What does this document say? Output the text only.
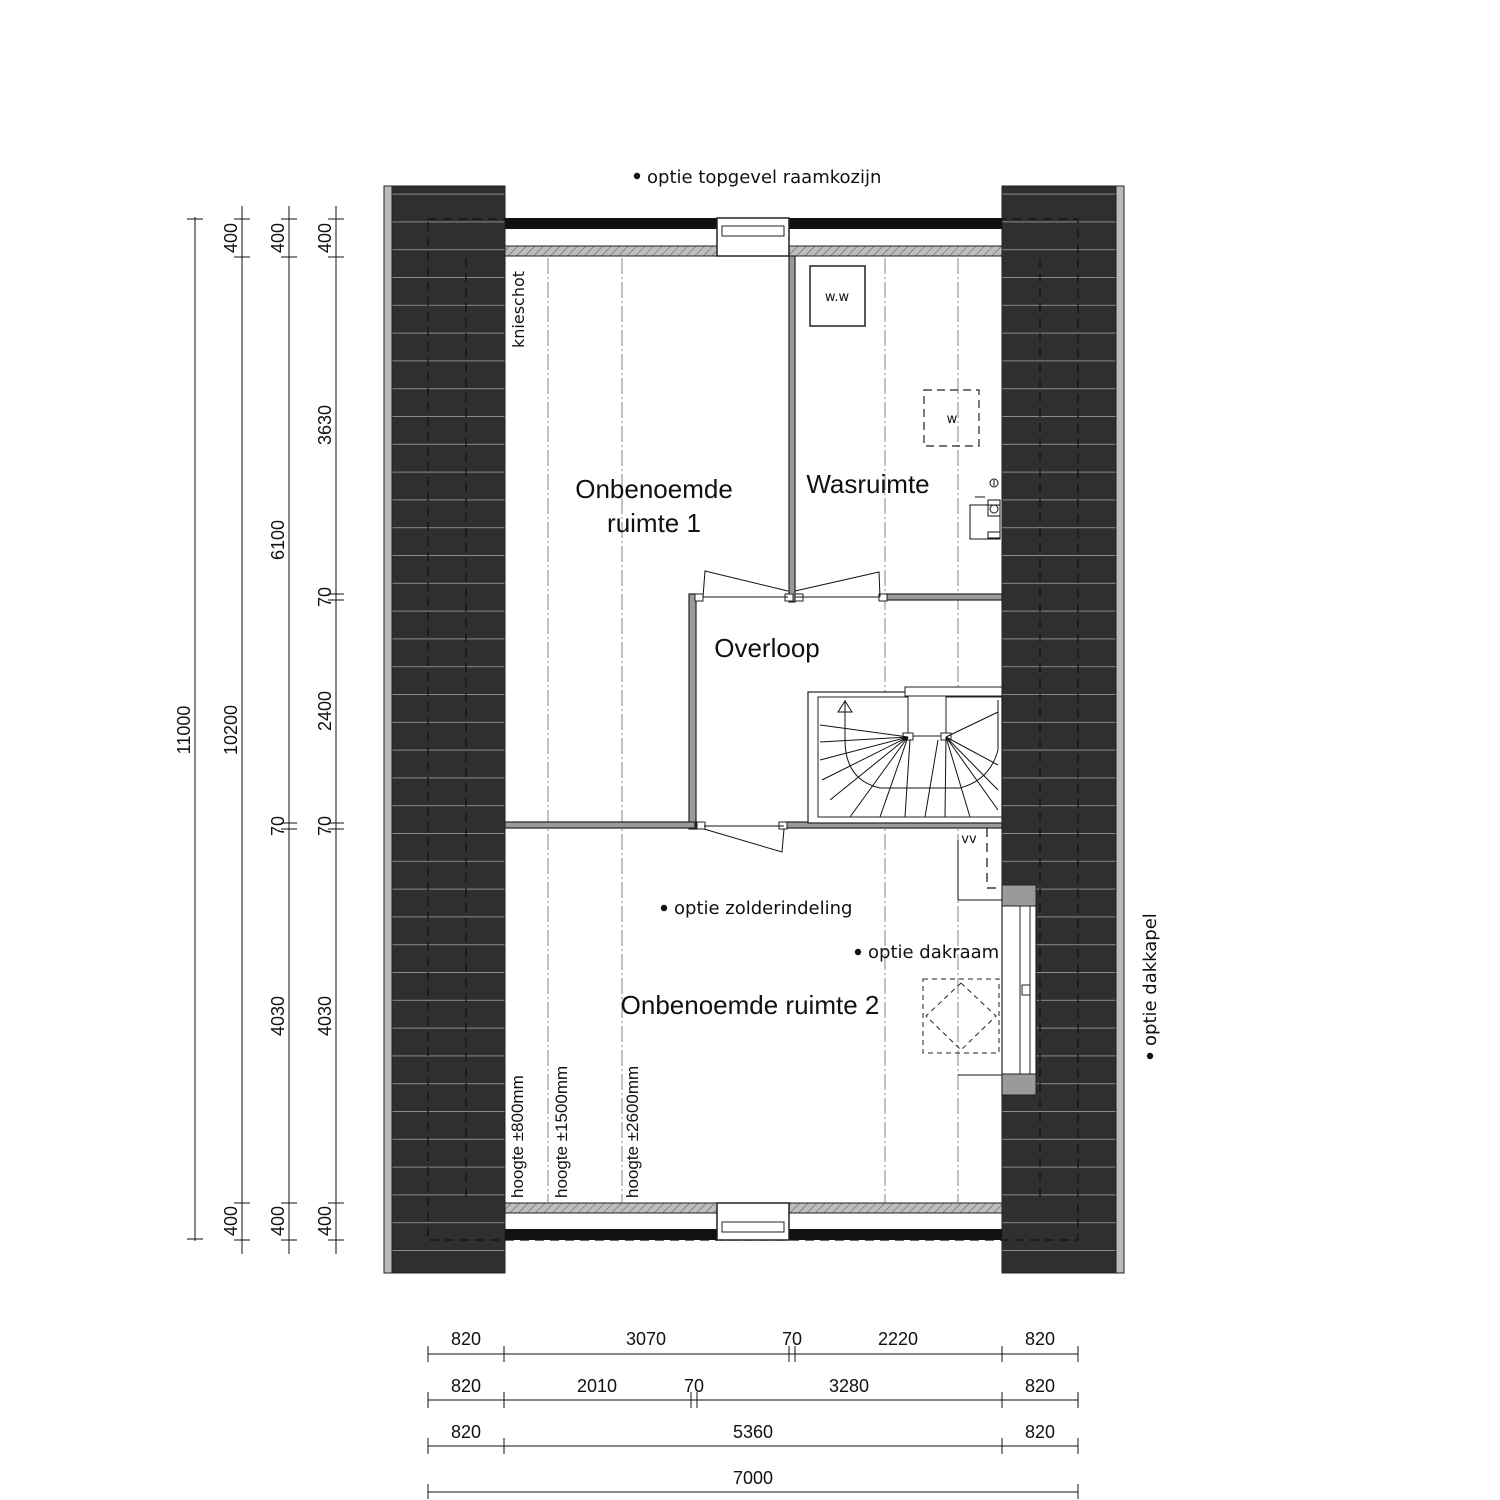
optie topgevel raamkozijn
optie zolderindeling
optie dakraam	optie dakkapel
knieschot	w.w
w
vv
Onbenoemde
ruimte 1
Wasruimte
Overloop
Onbenoemde ruimte 2
hoogte ±800mm hoogte ±1500mm	hoogte ±2600mm
11000 10200
400
400
400
6100
70
4030
400
400
3630
70
2400
70
4030
400
820	3070	70	2220	820
820	2010	70	3280	820
820	5360	820
7000
